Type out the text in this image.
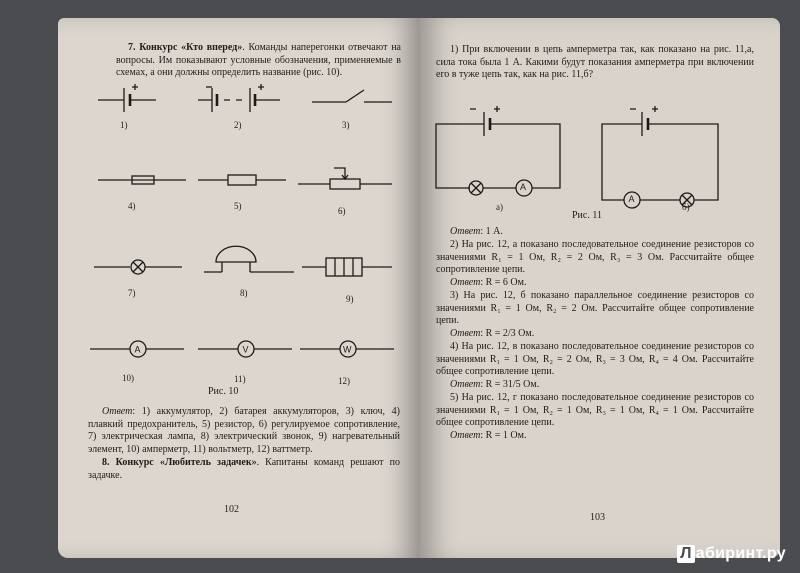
7. Конкурс «Кто вперед». Команды наперегонки отвечают на вопросы. Им показывают условные обозначения, применяемые в схемах, а они должны определить название (рис. 10).

1)	2)	3)
4)	5)	6)
7)	8)
9)
A
10)
V
11)
W
12)
Рис. 10

Ответ: 1) аккумулятор, 2) батарея аккумуляторов, 3) ключ, 4) плавкий предохранитель, 5) резистор, 6) регулируемое сопротивление, 7) электрическая лампа, 8) электрический звонок, 9) нагревательный элемент, 10) амперметр, 11) вольтметр, 12) ваттметр.

8. Конкурс «Любитель задачек». Капитаны команд решают по задачке.

102

1) При включении в цепь амперметра так, как показано на рис. 11,а, сила тока была 1 А. Какими будут показания амперметра при включении его в туже цепь так, как на рис. 11,б?

A
а)
A
б)
Рис. 11

Ответ: 1 А.

2) На рис. 12, а показано последовательное соединение резисторов со значениями R₁ = 1 Ом, R₂ = 2 Ом, R₃ = 3 Ом. Рассчитайте общее сопротивление цепи.

Ответ: R = 6 Ом.

3) На рис. 12, б показано параллельное соединение резисторов со значениями R₁ = 1 Ом, R₂ = 2 Ом. Рассчитайте общее сопротивление цепи.

Ответ: R = 2/3 Ом.

4) На рис. 12, в показано последовательное соединение резисторов со значениями R₁ = 1 Ом, R₂ = 2 Ом, R₃ = 3 Ом, R₄ = 4 Ом. Рассчитайте общее сопротивление цепи.

Ответ: R = 31/5 Ом.

5) На рис. 12, г показано последовательное соединение резисторов со значениями R₁ = 1 Ом, R₂ = 1 Ом, R₃ = 1 Ом, R₄ = 1 Ом. Рассчитайте общее сопротивление цепи.

Ответ: R = 1 Ом.

103
Л абиринт.ру
